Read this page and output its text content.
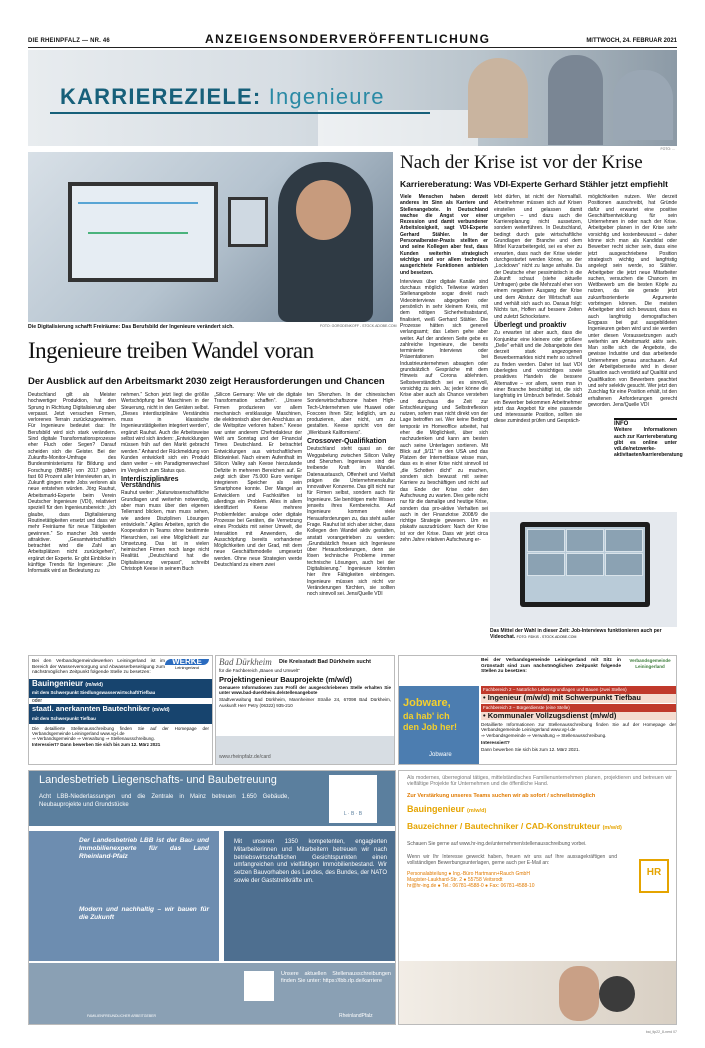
DIE RHEINPFALZ — NR. 46	ANZEIGENSONDERVERÖFFENTLICHUNG	MITTWOCH, 24. FEBRUAR 2021
KARRIEREZIELE: Ingenieure
FOTO: ...
Die Digitalisierung schafft Freiräume: Das Berufsbild der Ingenieure verändert sich.	FOTO: GORODENKOFF - STOCK.ADOBE.COM
Ingenieure treiben Wandel voran
Der Ausblick auf den Arbeitsmarkt 2030 zeigt Herausforderungen und Chancen

Deutschland gilt als Meister hochwertiger Produktion, hat den Sprung in Richtung Digitalisierung aber verpasst. Jetzt versuchen Firmen, verlorenes Terrain zurückzugewinnen. Für Ingenieure bedeutet das: Ihr Berufsbild wird sich stark verändern. Sind digitale Transformationsprozesse eher Fluch oder Segen? Darauf scheiden sich die Geister. Bei der Zukunfts-Monitor-Umfrage des Bundesministeriums für Bildung und Forschung (BMBF) von 2017 gaben fast 60 Prozent aller Interviewten an, in Zukunft gingen mehr Jobs verloren als neue entstehen würden. Jörg Rauhut, Arbeitsmarkt-Experte beim Verein Deutscher Ingenieure (VDI), relativiert speziell für den Ingenieursbereich: „Ich glaube, dass Digitalisierung Routinetätigkeiten ersetzt und dass wir mehr Freiräume für neue Tätigkeiten gewinnen.“ So mancher Job werde attraktiver. „Gesamtwirtschaftlich betrachtet wird die Zahl an Arbeitsplätzen nicht zurückgehen“, ergänzt der Experte. Er gibt Einblicke in künftige Trends für Ingenieure: „Die Informatik wird an Bedeutung zu

nehmen.“ Schon jetzt liegt die größte Wertschöpfung bei Maschinen in der Steuerung, nicht in den Geräten selbst. „Dieses interdisziplinäre Verständnis muss in klassische Ingenieurstätigkeiten integriert werden“, ergänzt Rauhut. Auch die Arbeitsweise selbst wird sich ändern: „Entwicklungen müssen früh auf den Markt gebracht werden.“ Anhand der Rückmeldung von Kunden entwickelt sich ein Produkt dann weiter – ein Paradigmenwechsel im Vergleich zum Status quo.

Interdisziplinäres Verständnis

Rauhut weiter: „Naturwissenschaftliche Grundlagen und weiterhin notwendig, aber man muss über den eigenen Tellerrand blicken, man muss sehen, wie andere Disziplinen Lösungen entwickeln.“ Agiles Arbeiten, sprich die Kooperation in Teams ohne bestimmte Hierarchien, sei eine Möglichkeit zur Umsetzung. Das ist in vielen heimischen Firmen noch lange nicht Realität. „Deutschland hat die Digitalisierung verpasst“, schreibt Christoph Keese in seinem Buch

„Silicon Germany: Wie wir die digitale Transformation schaffen“. „Unsere Firmen produzieren vor allem mechanisch erstklassige Maschinen, die elektronisch aber den Anschluss an die Weltspitze verloren haben.“ Keese war unter anderem Chefredakteur der Welt am Sonntag und der Financial Times Deutschland. Er betrachtet Entwicklungen aus wirtschaftlichem Blickwinkel. Nach einem Aufenthalt im Silicon Valley sah Keese hierzulande Defizite in mehreren Bereichen auf. Er zeigt sich über 75.000 Euro weniger integrieren Speicher als sein Smartphone konnte. Der Mangel an Entwicklern und Fachkräften ist allerdings ein Problem. Alles in allem identifiziert Keese mehrere Problemfelder: analoge oder digitale Prozesse bei Geräten, die Vernetzung eines Produkts mit seiner Umwelt, die Interaktion mit Anwendern, die Ausschöpfung bereits vorhandener Möglichkeiten und der Grad, mit dem neue Geschäftsmodelle umgesetzt werden. Ohne neue Strategien werde Deutschland zu einem zwei

ten Shenzhen. In der chinesischen Sonderwirtschaftszone haben High-Tech-Unternehmen wie Huawei oder Foxconn ihren Sitz; lediglich, um zu produzieren, aber nicht, um zu gestalten. Keese spricht von der „Werkbank Kaliforniens“.

Crossover-Qualifikation

Deutschland steht quasi an der Weggabelung zwischen Silicon Valley und Shenzhen. Ingenieure sind die treibende Kraft im Wandel. Datenaustausch, Offenheit und Vielfalt prägen die Unternehmenskultur innovativer Konzerne. Das gilt nicht nur für Firmen selbst, sondern auch für Ingenieure. Sie benötigen mehr Wissen jenseits ihres Kernbereichs. Auf Ingenieure kommen viele Herausforderungen zu, das steht außer Frage. Rauhut ist sich aber sicher, dass Kollegen den Wandel aktiv gestalten, anstatt vorangetrieben zu werden: „Grundsätzlich freuen sich Ingenieure über Herausforderungen, denn sie lösen technische Probleme immer technische Lösungen, auch bei der Digitalisierung.“ Ingenieure könnten hier ihre Fähigkeiten einbringen. Ingenieure müssen sich nicht vor Veränderungen fürchten, sie sollten noch sinnvoll sei. Jens/Quelle VDI

Nach der Krise ist vor der Krise
Karriereberatung: Was VDI-Experte Gerhard Stähler jetzt empfiehlt

Viele Menschen haben derzeit anderes im Sinn als Karriere und Stellenangebote. In Deutschland wachse die Angst vor einer Rezession und damit verbundener Arbeitslosigkeit, sagt VDI-Experte Gerhard Stähler. In der Personalberater-Praxis stellten er und seine Kollegen aber fest, dass Kunden weiterhin strategisch wichtige und vor allem technisch ausgerichtete Funktionen anbieten und besetzen.

Interviews über digitale Kanäle sind durchaus möglich. Teilweise würden Stellenangebote sogar direkt nach Videointerviews abgegeben oder persönlich in sehr kleinem Kreis, mit dem nötigen Sicherheitsabstand, finalisiert, weiß Gerhard Stähler. Die Prozesse hätten sich generell verlangsamt; das Leben gehe aber weiter. Auf der anderen Seite gebe es zahlreiche Ingenieure, die bereits terminierte Interviews oder Präsentationen bei Industrieunternehmen absagten oder grundsätzlich Gespräche mit dem Hinweis auf Corona ablehnten. Selbstverständlich sei es sinnvoll, vorsichtig zu sein. Ja; jeder könne die Krise aber auch als Chance verstehen und durchaus die Zeit zur Entschleunigung und Selbstreflexion nutzen, sofern man nicht direkt von der Lage betroffen sei. Wer keine Bedingt temporär im Homeoffice arbeitet, hat eher die Möglichkeit, über sich nachzudenken und kann am besten auch seine Unterlagen sortieren. Mit Blick auf „9/11“ in den USA und das Platzen der Internetblase wisse man, dass es in einer Krise nicht sinnvoll ist „die Schotten dicht“ zu machen, sondern sich bewusst mit seiner Karriere zu beschäftigen und nicht auf das Ende der Krise oder den Aufschwung zu warten. Dies gelte nicht nur für die damalige und heutige Krise, sondern das pro-aktive Verhalten sei auch in der Finanzkrise 2008/9 die richtige Strategie gewesen. Um es plakativ auszudrücken: Nach der Krise ist vor der Krise. Dass wir jetzt circa zehn Jahre relativen Aufschwung er-

lebt dürfen, ist nicht der Normalfall. Arbeitnehmer müssen sich auf Krisen einstellen und gelassen damit umgehen – und dazu auch die Karriereplanung nicht aussetzen, sondern weiterführen. In Deutschland, bedingt durch gute wirtschaftliche Grundlagen der Branche und dem Mittel Kurzarbeitergeld, sei es eher zu erwarten, dass nach der Krise wieder durchgestartet werden könne, so der „Lockdown“ nicht zu lange anhalte. Da der Deutsche eher pessimistisch in die Zukunft schaut (siehe aktuelle Umfragen) gebe die Mehrzahl eher von einem negativen Ausgang der Krise und dem Absturz der Wirtschaft aus und verhält sich auch so. Daraus folgt: Nichts tun, Hoffen auf bessere Zeiten und zuletzt Schockstarre.

Überlegt und proaktiv

Zu erwarten ist aber auch, dass die Konjunktur eine kleinere oder größere „Delle“ erhält und die Jobangebote des derzeit stark angezogenen Bewerbermarktes nicht mehr so schnell zu finden werden. Daher ist laut VDI überlegtes und vorsichtiges sowie proaktives Handeln die bessere Alternative – vor allem, wenn man in einer Branche beschäftigt ist, die sich langfristig im Umbruch befindet. Sobald ein Bewerber bekommen Arbeitnehmer jetzt das Angebot für eine passende und interessante Position, sollten sie diese zumindest prüfen und Gespräch-

möglichkeiten nutzen. Wer derzeit Positionen ausschreibt, hat Gründe dafür und erwartet eine positive Geschäftsentwicklung für sein Unternehmen in oder nach der Krise. Arbeitgeber planen in der Krise sehr vorsichtig und kostenbewusst – daher könne sich man als Kandidat oder Bewerber recht sicher sein, dass eine jetzt ausgeschriebene Position strategisch wichtig und langfristig angelegt sein werde, so Stähler. Arbeitgeber die jetzt neue Mitarbeiter suchen, versuchen die Chancen im Wettbewerb um die besten Köpfe zu nutzen, da sie gerade jetzt zukunftsorientierte Argumente vorbringen können. Die meisten Arbeitgeber sind sich bewusst, dass es auch langfristig demografischen Engpass bei gut ausgebildeten Ingenieuren geben wird und sie werden unter diesen Voraussetzungen auch weiterhin am Arbeitsmarkt aktiv sein. Man sollte sich die Angebote, die gewisse Industrie und das arbeitende Unternehmen genau anschauen. Auf der Arbeitgeberseite wird in dieser Situation auch verstärkt auf Qualität und Qualifikation von Bewerbern geachtet und sehr selektiv gesucht. Wer jetzt den Zuschlag für eine Position erhält, ist den erhaltenen Anforderungen gerecht geworden. Jens/Quelle VDI

INFO

Weitere Informationen auch zur Karriereberatung gibt es online unter vdi.de/netzwerke-aktivitaeten/karriereberatung

Das Mittel der Wahl in dieser Zeit: Job-Interviews funktionieren auch per Videochat. FOTO: RDKIS - STOCK.ADOBE.COM
Bei den Verbandsgemeindewerken Leiningerland ist im Bereich der Wasserversorgung und Abwasserbeseitigung zum nächstmöglichen Zeitpunkt folgende Stelle zu besetzen:
WERKE
Leiningerland
Bauingenieur (m/w/d)
mit dem Schwerpunkt Siedlungswasserwirtschaft/Tiefbau
oder
staatl. anerkannten Bautechniker (m/w/d)
mit dem Schwerpunkt Tiefbau
Die detaillierte Stellenausschreibung finden Sie auf der Homepage der Verbandsgemeinde Leiningerland www.vg-l.de
⇒ Verbandsgemeinde ⇒ Verwaltung ⇒ Stellenausschreibung.
Interessiert? Dann bewerben Sie sich bis zum 12. März 2021
Bad Dürkheim	Die Kreisstadt Bad Dürkheim sucht
für die Fachbereich „Bauen und Umwelt“
Projektingenieur Bauprojekte (m/w/d)
Genauere Informationen zum Profil der ausgeschriebenen Stelle erhalten Sie unter www.bad-duerkheim.de/stellenangebote
Stadtverwaltung Bad Dürkheim, Mannheimer Straße 24, 67098 Bad Dürkheim, Auskunft Herr Petry (06322) 935-210
www.rheinpfalz.de/card
Bei der Verbandsgemeinde Leiningerland mit Sitz in Grünstadt sind zum nächstmöglichen Zeitpunkt folgende Stellen zu besetzen:
Verbandsgemeinde Leiningerland
Jobware,
da hab' ich
den Job her!
Jobware
Fachbereich 2 – Natürliche Lebensgrundlagen und Bauen (zwei Stellen)
• Ingenieur (m/w/d) mit Schwerpunkt Tiefbau
Fachbereich 3 – Bürgerdienste (eine Stelle)
• Kommunaler Vollzugsdienst (m/w/d)
Detaillierte Informationen zur Stellenausschreibung finden Sie auf der Homepage der Verbandsgemeinde Leiningerland www.vg-l.de
⇒ Verbandsgemeinde ⇒ Verwaltung ⇒ Stellenausschreibung.
Interessiert?
Dann bewerben Sie sich bis zum 12. März 2021.
Landesbetrieb Liegenschafts- und Baubetreuung
Acht LBB-Niederlassungen und die Zentrale in Mainz betreuen 1.650 Gebäude, Neubauprojekte und Grundstücke
L · B · B
Der Landesbetrieb LBB ist der Bau- und Immobilienexperte für das Land Rheinland-Pfalz
Modern und nachhaltig – wir bauen für die Zukunft
Mit unseren 1350 kompetenten, engagierten Mitarbeiterinnen und Mitarbeitern betreuen wir nach betriebswirtschaftlichen Gesichtspunkten einen umfangreichen und vielfältigen Immobilienbestand. Wir setzen Bauvorhaben des Landes, des Bundes, der NATO sowie der Gaststreitkräfte um.
Unsere aktuellen Stellenausschreibungen finden Sie unter: https://lbb.rlp.de/karriere
FAMILIENFREUNDLICHER ARBEITGEBER	RheinlandPfalz
Als modernes, überregional tätiges, mittelständisches Familienunternehmen planen, projektieren und betreuen wir vielfältige Projekte für Unternehmen und die öffentliche Hand.
Zur Verstärkung unseres Teams suchen wir ab sofort / schnellstmöglich
Bauingenieur (m/w/d)
Bauzeichner / Bautechniker / CAD-Konstrukteur (m/w/d)
Schauen Sie gerne auf www.hr-ing.de/unternehmen/stellenausschreibung vorbei.
Wenn wir Ihr Interesse geweckt haben, freuen wir uns auf Ihre aussagekräftigen und vollständigen Bewerbungsunterlagen, gerne auch per E-Mail an:
Personalabteilung ● Ing.-Büro Hartmann+Rauch GmbH
Magister-Laukhard-Str. 2 ● 55758 Veitsrodt
hr@hr-ing.de ● Tel.: 06781-4588-0 ● Fax: 06781-4588-10
HR
bai_tlp22_8-nerd 07
